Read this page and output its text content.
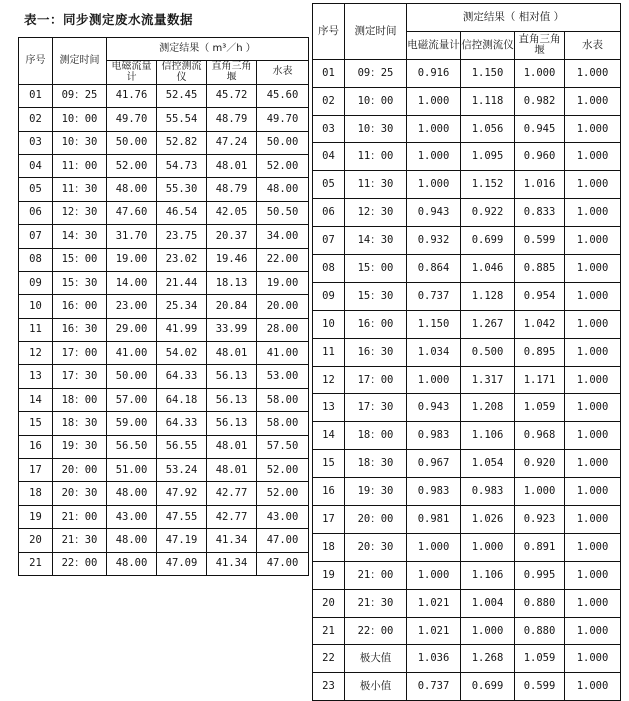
表一：同步测定废水流量数据
序号	测定时间	测定结果（ m³／h ）			
		电磁流量计	信控测流仪	直角三角堰	水表
01	09：25	41.76	52.45	45.72	45.60
02	10：00	49.70	55.54	48.79	49.70
03	10：30	50.00	52.82	47.24	50.00
04	11：00	52.00	54.73	48.01	52.00
05	11：30	48.00	55.30	48.79	48.00
06	12：30	47.60	46.54	42.05	50.50
07	14：30	31.70	23.75	20.37	34.00
08	15：00	19.00	23.02	19.46	22.00
09	15：30	14.00	21.44	18.13	19.00
10	16：00	23.00	25.34	20.84	20.00
11	16：30	29.00	41.99	33.99	28.00
12	17：00	41.00	54.02	48.01	41.00
13	17：30	50.00	64.33	56.13	53.00
14	18：00	57.00	64.18	56.13	58.00
15	18：30	59.00	64.33	56.13	58.00
16	19：30	56.50	56.55	48.01	57.50
17	20：00	51.00	53.24	48.01	52.00
18	20：30	48.00	47.92	42.77	52.00
19	21：00	43.00	47.55	42.77	43.00
20	21：30	48.00	47.19	41.34	47.00
21	22：00	48.00	47.09	41.34	47.00
序号	测定时间	测定结果（ 相对值 ）			
		电磁流量计	信控测流仪	直角三角堰	水表
01	09：25	0.916	1.150	1.000	1.000
02	10：00	1.000	1.118	0.982	1.000
03	10：30	1.000	1.056	0.945	1.000
04	11：00	1.000	1.095	0.960	1.000
05	11：30	1.000	1.152	1.016	1.000
06	12：30	0.943	0.922	0.833	1.000
07	14：30	0.932	0.699	0.599	1.000
08	15：00	0.864	1.046	0.885	1.000
09	15：30	0.737	1.128	0.954	1.000
10	16：00	1.150	1.267	1.042	1.000
11	16：30	1.034	0.500	0.895	1.000
12	17：00	1.000	1.317	1.171	1.000
13	17：30	0.943	1.208	1.059	1.000
14	18：00	0.983	1.106	0.968	1.000
15	18：30	0.967	1.054	0.920	1.000
16	19：30	0.983	0.983	1.000	1.000
17	20：00	0.981	1.026	0.923	1.000
18	20：30	1.000	1.000	0.891	1.000
19	21：00	1.000	1.106	0.995	1.000
20	21：30	1.021	1.004	0.880	1.000
21	22：00	1.021	1.000	0.880	1.000
22	极大值	1.036	1.268	1.059	1.000
23	极小值	0.737	0.699	0.599	1.000
